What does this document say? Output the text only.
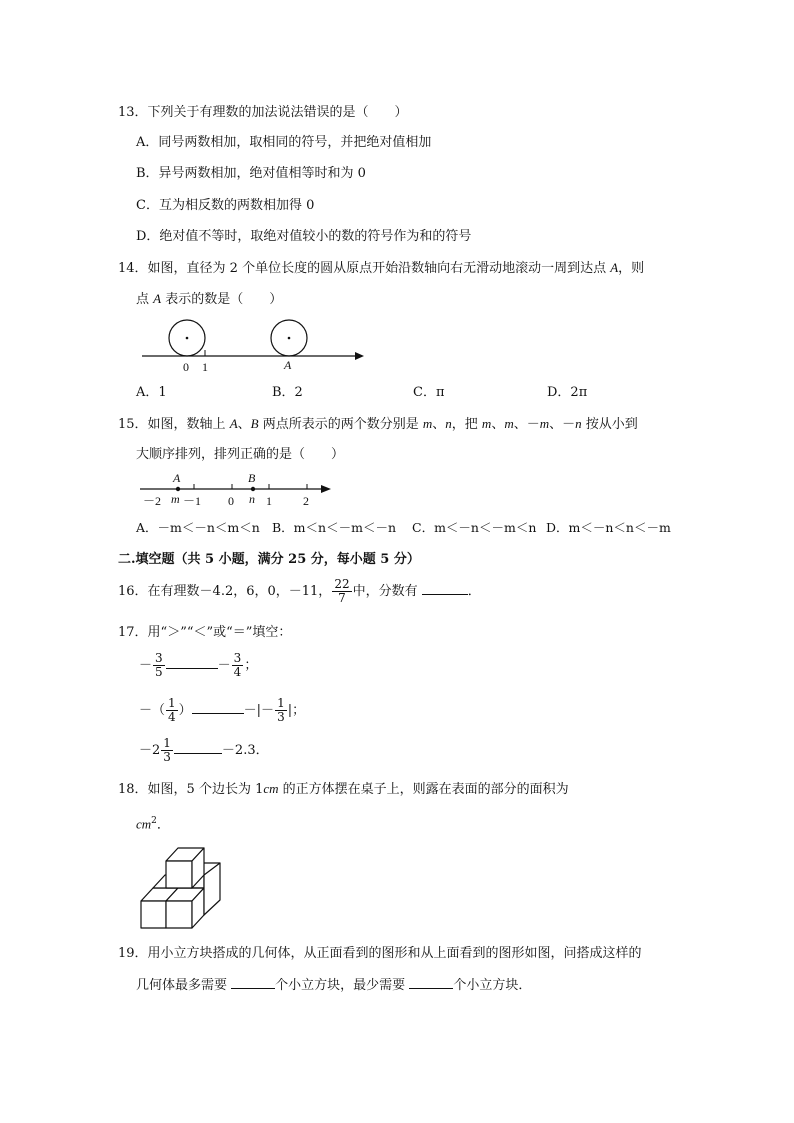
13．下列关于有理数的加法说法错误的是（　　）
A．同号两数相加，取相同的符号，并把绝对值相加
B．异号两数相加，绝对值相等时和为 0
C．互为相反数的两数相加得 0
D．绝对值不等时，取绝对值较小的数的符号作为和的符号
14．如图，直径为 2 个单位长度的圆从原点开始沿数轴向右无滑动地滚动一周到达点 A，则
点 A 表示的数是（　　）
0 1	A
A．1	B．2	C．π	D．2π
15．如图，数轴上 A、B 两点所表示的两个数分别是 m、n，把 m、m、－m、－n 按从小到
大顺序排列，排列正确的是（　　）
A	B
－2 m －1 0 n 1	2
A．－m＜－n＜m＜n B．m＜n＜－m＜－n C．m＜－n＜－m＜n D．m＜－n＜n＜－m
二.填空题（共 5 小题，满分 25 分，每小题 5 分）
16．在有理数－4.2，6，0，－11， $\frac{22}{7}$ 中，分数有	．
17．用“＞”“＜”或“＝”填空：
－ $\frac{3}{5}$	－ $\frac{3}{4}$ ；
－（ $\frac{1}{4}$ ）	－|－ $\frac{1}{3}$ |；
$-2 \frac{1}{3}$	－2.3．
18．如图，5 个边长为 1cm 的正方体摆在桌子上，则露在表面的部分的面积为
$cm^2$．
19．用小立方块搭成的几何体，从正面看到的图形和从上面看到的图形如图，问搭成这样的
几何体最多需要	个小立方块，最少需要	个小立方块．
